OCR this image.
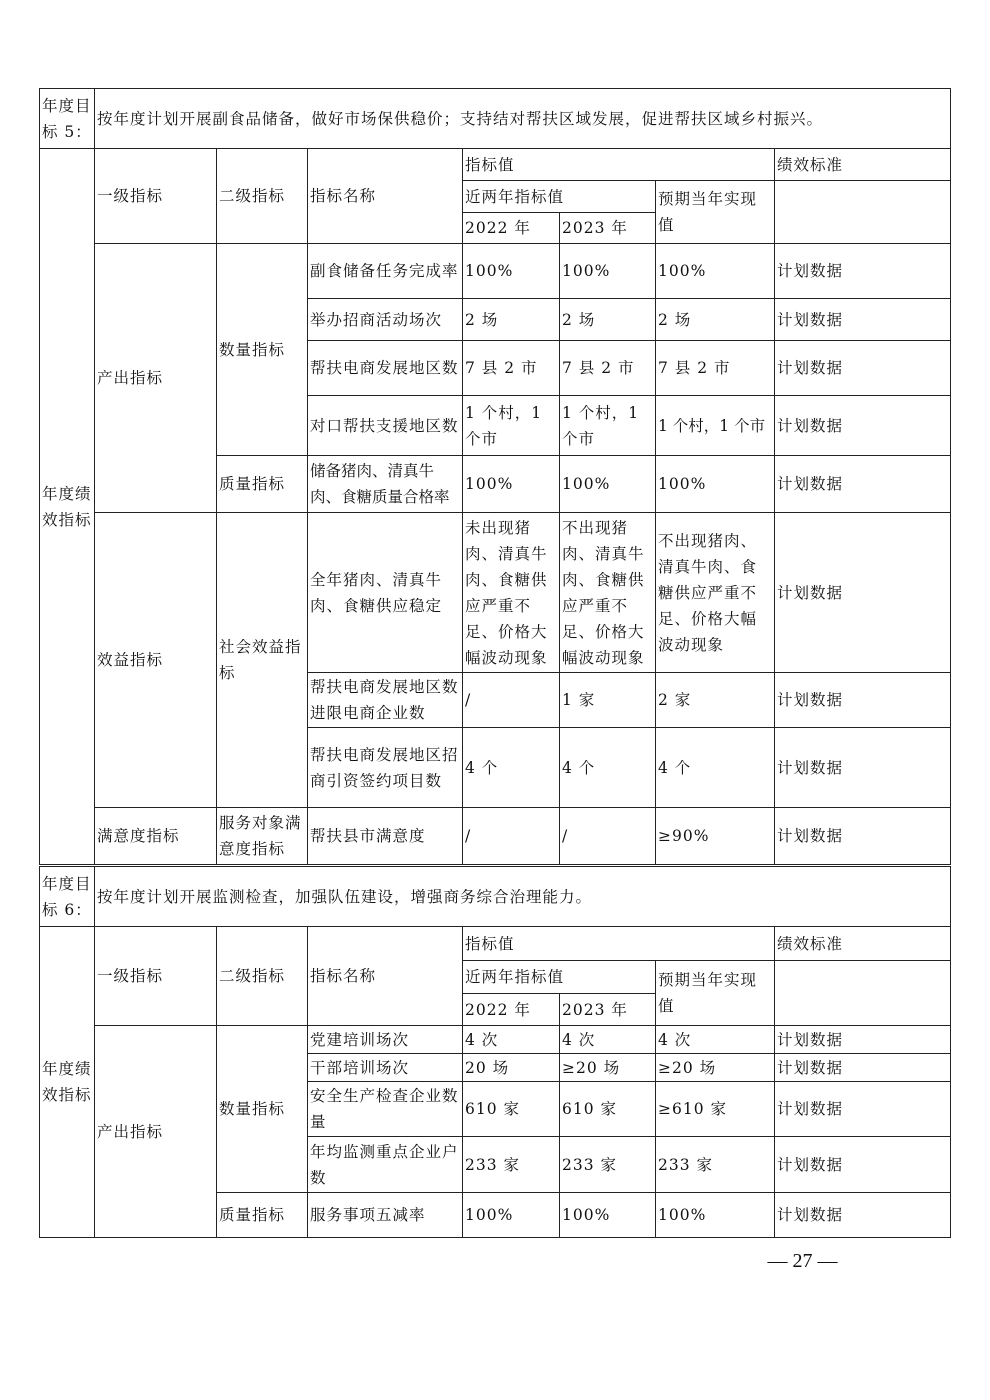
年度目标 5：	按年度计划开展副食品储备，做好市场保供稳价；支持结对帮扶区域发展，促进帮扶区域乡村振兴。						
年度绩效指标	一级指标	二级指标	指标名称	指标值			绩效标准
				近两年指标值		预期当年实现值	
				2022 年	2023 年		
	产出指标	数量指标	副食储备任务完成率	100%	100%	100%	计划数据
			举办招商活动场次	2 场	2 场	2 场	计划数据
			帮扶电商发展地区数	7 县 2 市	7 县 2 市	7 县 2 市	计划数据
			对口帮扶支援地区数	1 个村，1 个市	1 个村，1 个市	1 个村，1 个市	计划数据
		质量指标	储备猪肉、清真牛肉、食糖质量合格率	100%	100%	100%	计划数据
	效益指标	社会效益指标	全年猪肉、清真牛肉、食糖供应稳定	未出现猪肉、清真牛肉、食糖供应严重不足、价格大幅波动现象	不出现猪肉、清真牛肉、食糖供应严重不足、价格大幅波动现象	不出现猪肉、清真牛肉、食糖供应严重不足、价格大幅波动现象	计划数据
			帮扶电商发展地区数进限电商企业数	/	1 家	2 家	计划数据
			帮扶电商发展地区招商引资签约项目数	4 个	4 个	4 个	计划数据
	满意度指标	服务对象满意度指标	帮扶县市满意度	/	/	≥90%	计划数据
年度目标 6：	按年度计划开展监测检查，加强队伍建设，增强商务综合治理能力。						
年度绩效指标	一级指标	二级指标	指标名称	指标值			绩效标准
				近两年指标值		预期当年实现值	
				2022 年	2023 年		
	产出指标	数量指标	党建培训场次	4 次	4 次	4 次	计划数据
			干部培训场次	20 场	≥20 场	≥20 场	计划数据
			安全生产检查企业数量	610 家	610 家	≥610 家	计划数据
			年均监测重点企业户数	233 家	233 家	233 家	计划数据
		质量指标	服务事项五减率	100%	100%	100%	计划数据
— 27 —
